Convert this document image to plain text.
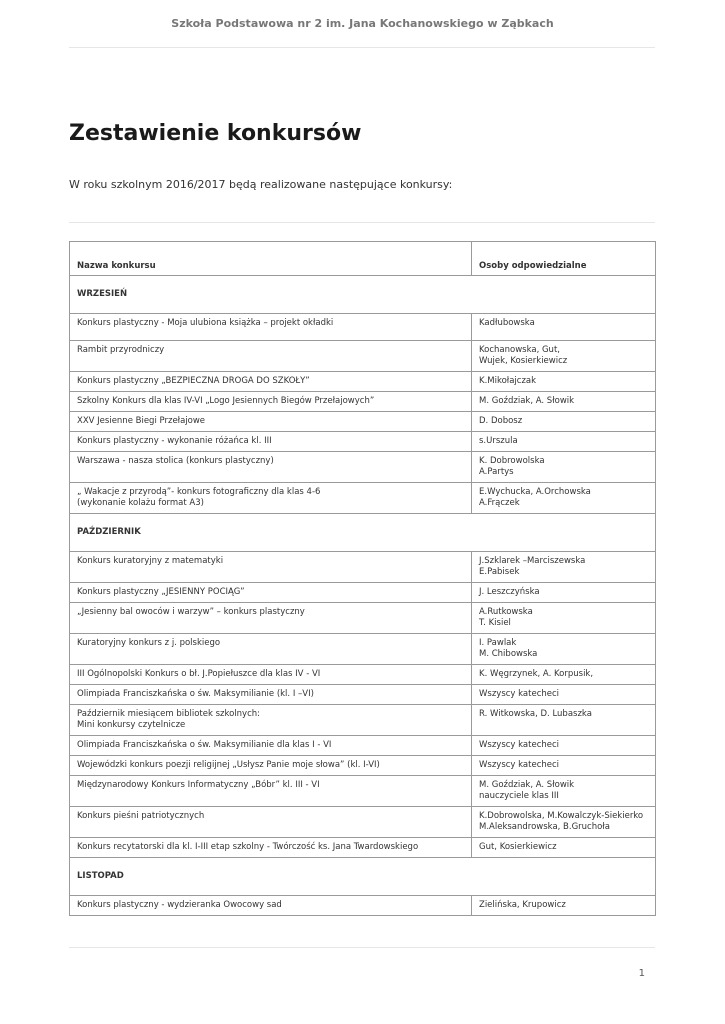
Szkoła Podstawowa nr 2 im. Jana Kochanowskiego w Ząbkach
Zestawienie konkursów
W roku szkolnym 2016/2017 będą realizowane następujące konkursy:
Nazwa konkursu	Osoby odpowiedzialne
WRZESIEŃ	
Konkurs plastyczny - Moja ulubiona książka – projekt okładki	Kadłubowska
Rambit przyrodniczy	Kochanowska, Gut,
Wujek, Kosierkiewicz
Konkurs plastyczny „BEZPIECZNA DROGA DO SZKOŁY”	K.Mikołajczak
Szkolny Konkurs dla klas IV-VI „Logo Jesiennych Biegów Przełajowych”	M. Goździak, A. Słowik
XXV Jesienne Biegi Przełajowe	D. Dobosz
Konkurs plastyczny - wykonanie różańca kl. III	s.Urszula
Warszawa - nasza stolica (konkurs plastyczny)	K. Dobrowolska
A.Partys
„ Wakacje z przyrodą”- konkurs fotograficzny dla klas 4-6
(wykonanie kolażu format A3)	E.Wychucka, A.Orchowska
A.Frączek
PAŹDZIERNIK	
Konkurs kuratoryjny z matematyki	J.Szklarek –Marciszewska
E.Pabisek
Konkurs plastyczny „JESIENNY POCIĄG”	J. Leszczyńska
„Jesienny bal owoców i warzyw” – konkurs plastyczny	A.Rutkowska
T. Kisiel
Kuratoryjny konkurs z j. polskiego	I. Pawlak
M. Chibowska
III Ogólnopolski Konkurs o bł. J.Popiełuszce dla klas IV - VI	K. Węgrzynek, A. Korpusik,
Olimpiada Franciszkańska o św. Maksymilianie (kl. I –VI)	Wszyscy katecheci
Październik miesiącem bibliotek szkolnych:
Mini konkursy czytelnicze	R. Witkowska, D. Lubaszka
Olimpiada Franciszkańska o św. Maksymilianie dla klas I - VI	Wszyscy katecheci
Wojewódzki konkurs poezji religijnej „Usłysz Panie moje słowa” (kl. I-VI)	Wszyscy katecheci
Międzynarodowy Konkurs Informatyczny „Bóbr” kl. III - VI	M. Goździak, A. Słowik
nauczyciele klas III
Konkurs pieśni patriotycznych	K.Dobrowolska, M.Kowalczyk-Siekierko
M.Aleksandrowska, B.Gruchoła
Konkurs recytatorski dla kl. I-III etap szkolny - Twórczość ks. Jana Twardowskiego	Gut, Kosierkiewicz
LISTOPAD	
Konkurs plastyczny - wydzieranka Owocowy sad	Zielińska, Krupowicz
1
